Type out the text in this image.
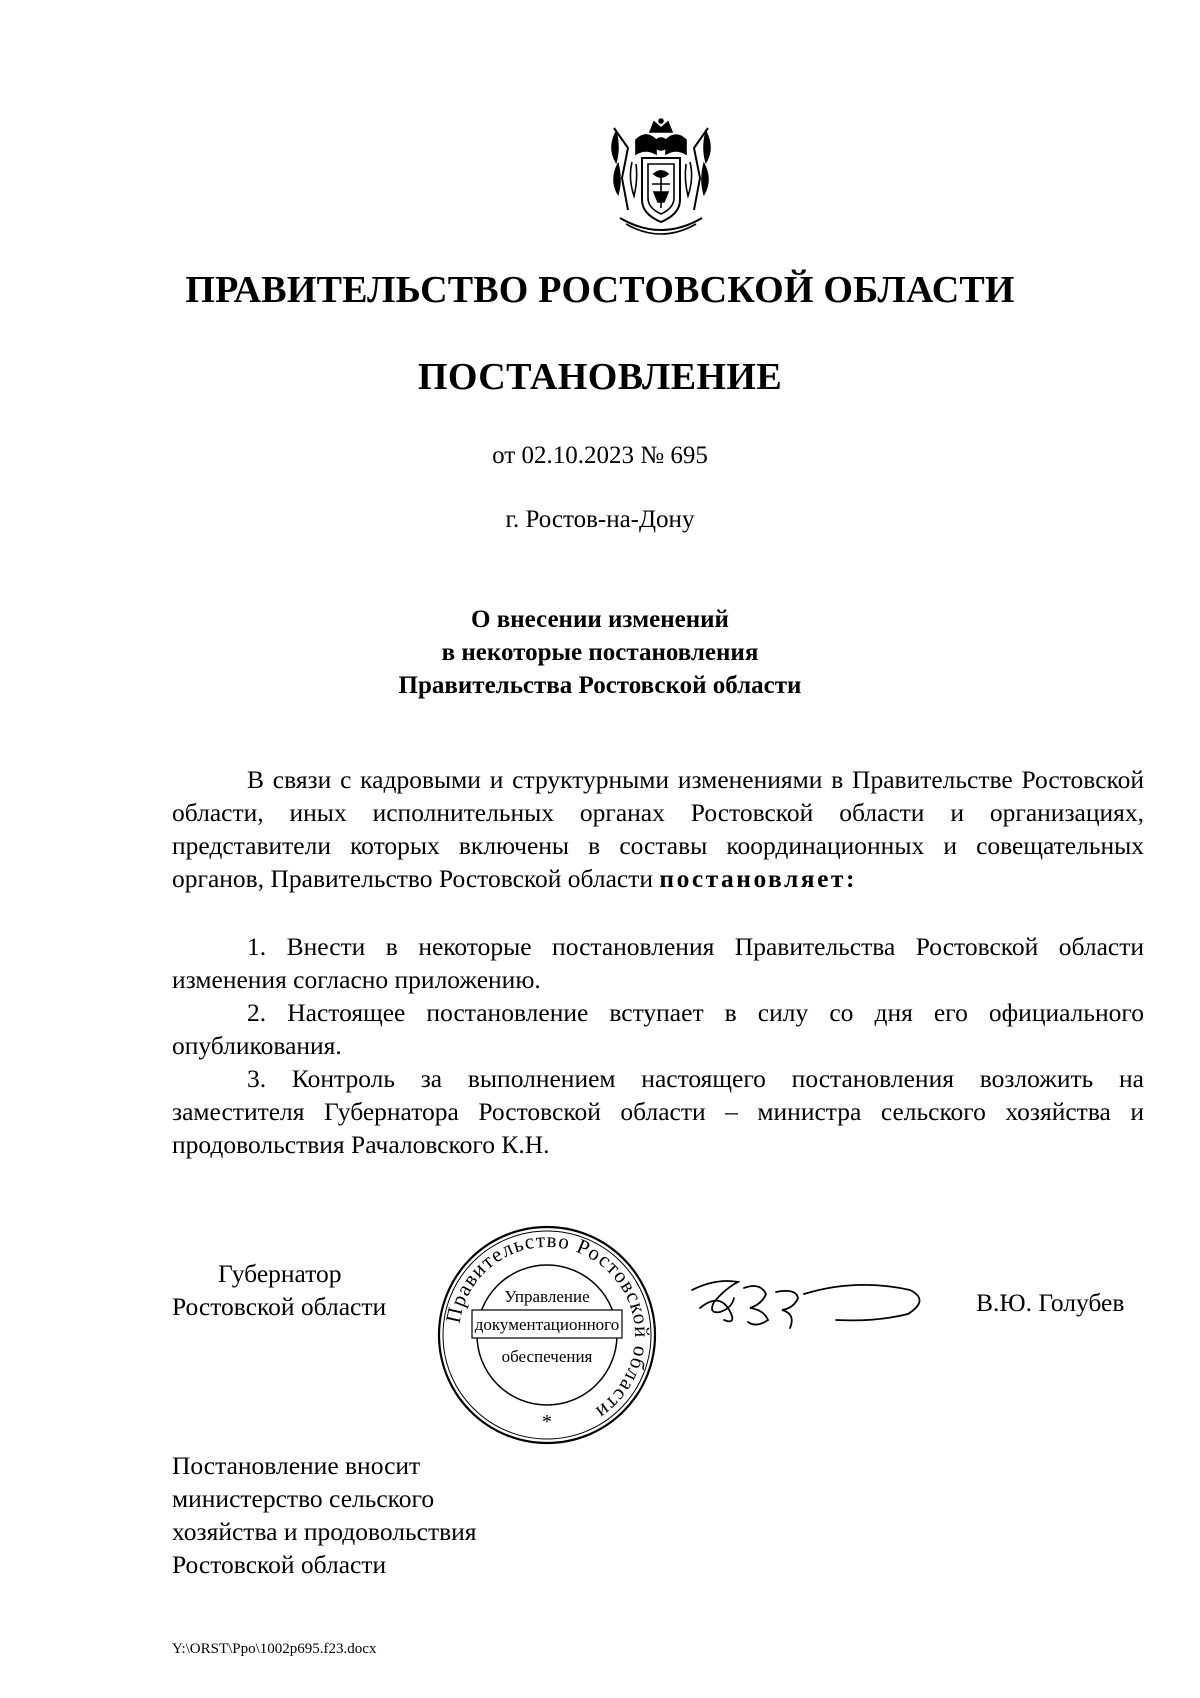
ПРАВИТЕЛЬСТВО РОСТОВСКОЙ ОБЛАСТИ
ПОСТАНОВЛЕНИЕ
от 02.10.2023 № 695
г. Ростов-на-Дону
О внесении изменений
в некоторые постановления
Правительства Ростовской области

В связи с кадровыми и структурными изменениями в Правительстве Ростовской области, иных исполнительных органах Ростовской области и организациях, представители которых включены в составы координационных и совещательных органов, Правительство Ростовской области постановляет:

1. Внести в некоторые постановления Правительства Ростовской области изменения согласно приложению.

2. Настоящее постановление вступает в силу со дня его официального опубликования.

3. Контроль за выполнением настоящего постановления возложить на заместителя Губернатора Ростовской области – министра сельского хозяйства и продовольствия Рачаловского К.Н.

Губернатор
Ростовской области	Правительство Ростовской области
Управление
документационного
обеспечения
*
В.Ю. Голубев
Постановление вносит
министерство сельского
хозяйства и продовольствия
Ростовской области
Y:\ORST\Ppo\1002p695.f23.docx
